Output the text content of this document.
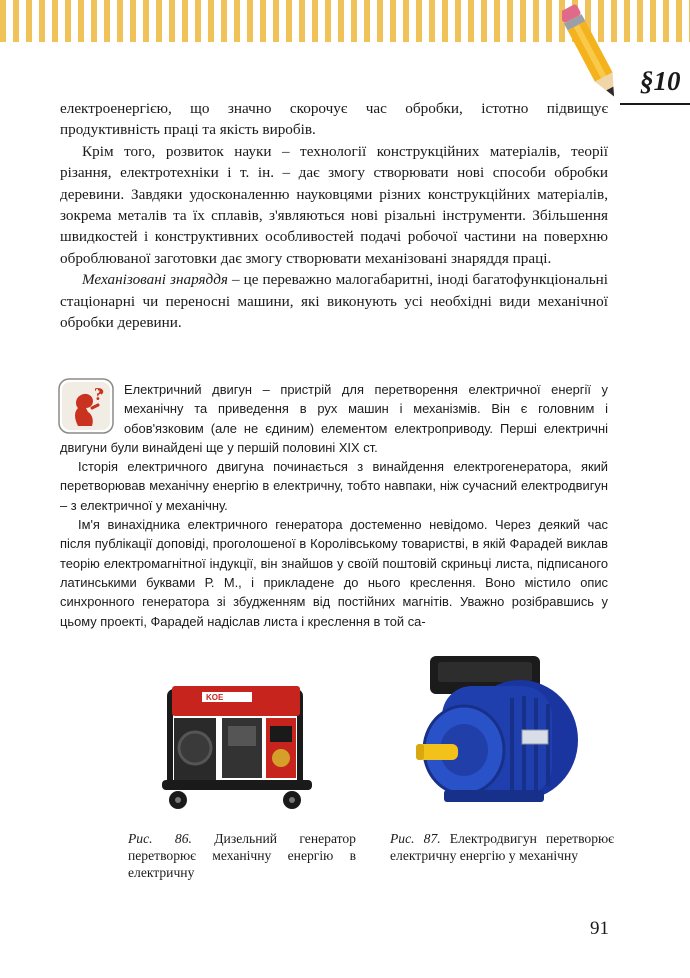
§10

електроенергією, що значно скорочує час обробки, істотно підвищує продуктивність праці та якість виробів.

Крім того, розвиток науки – технології конструкційних матеріалів, теорії різання, електротехніки і т. ін. – дає змогу створювати нові способи обробки деревини. Завдяки удосконаленню науковцями різних конструкційних матеріалів, зокрема металів та їх сплавів, з'являються нові різальні інструменти. Збільшення швидкостей і конструктивних особливостей подачі робочої частини на поверхню оброблюваної заготовки дає змогу створювати механізовані знаряддя праці.

Механізовані знаряддя – це переважно малогабаритні, іноді багатофункціональні стаціонарні чи переносні машини, які виконують усі необхідні види механічної обробки деревини.

Електричний двигун – пристрій для перетворення електричної енергії у механічну та приведення в рух машин і механізмів. Він є головним і обов'язковим (але не єдиним) елементом електроприводу. Перші електричні двигуни були винайдені ще у першій половині XIX ст.

Історія електричного двигуна починається з винайдення електрогенератора, який перетворював механічну енергію в електричну, тобто навпаки, ніж сучасний електродвигун – з електричної у механічну.

Ім'я винахідника електричного генератора достеменно невідомо. Через деякий час після публікації доповіді, проголошеної в Королівському товаристві, в якій Фарадей виклав теорію електромагнітної індукції, він знайшов у своїй поштовій скриньці листа, підписаного латинськими буквами Р. М., і прикладене до нього креслення. Воно містило опис синхронного генератора зі збудженням від постійних магнітів. Уважно розібравшись у цьому проекті, Фарадей надіслав листа і креслення в той са-

?
KOE
Рис. 86. Дизельний генератор перетворює механічну енергію в електричну
Рис. 87. Електродвигун перетворює електричну енергію у механічну
91
